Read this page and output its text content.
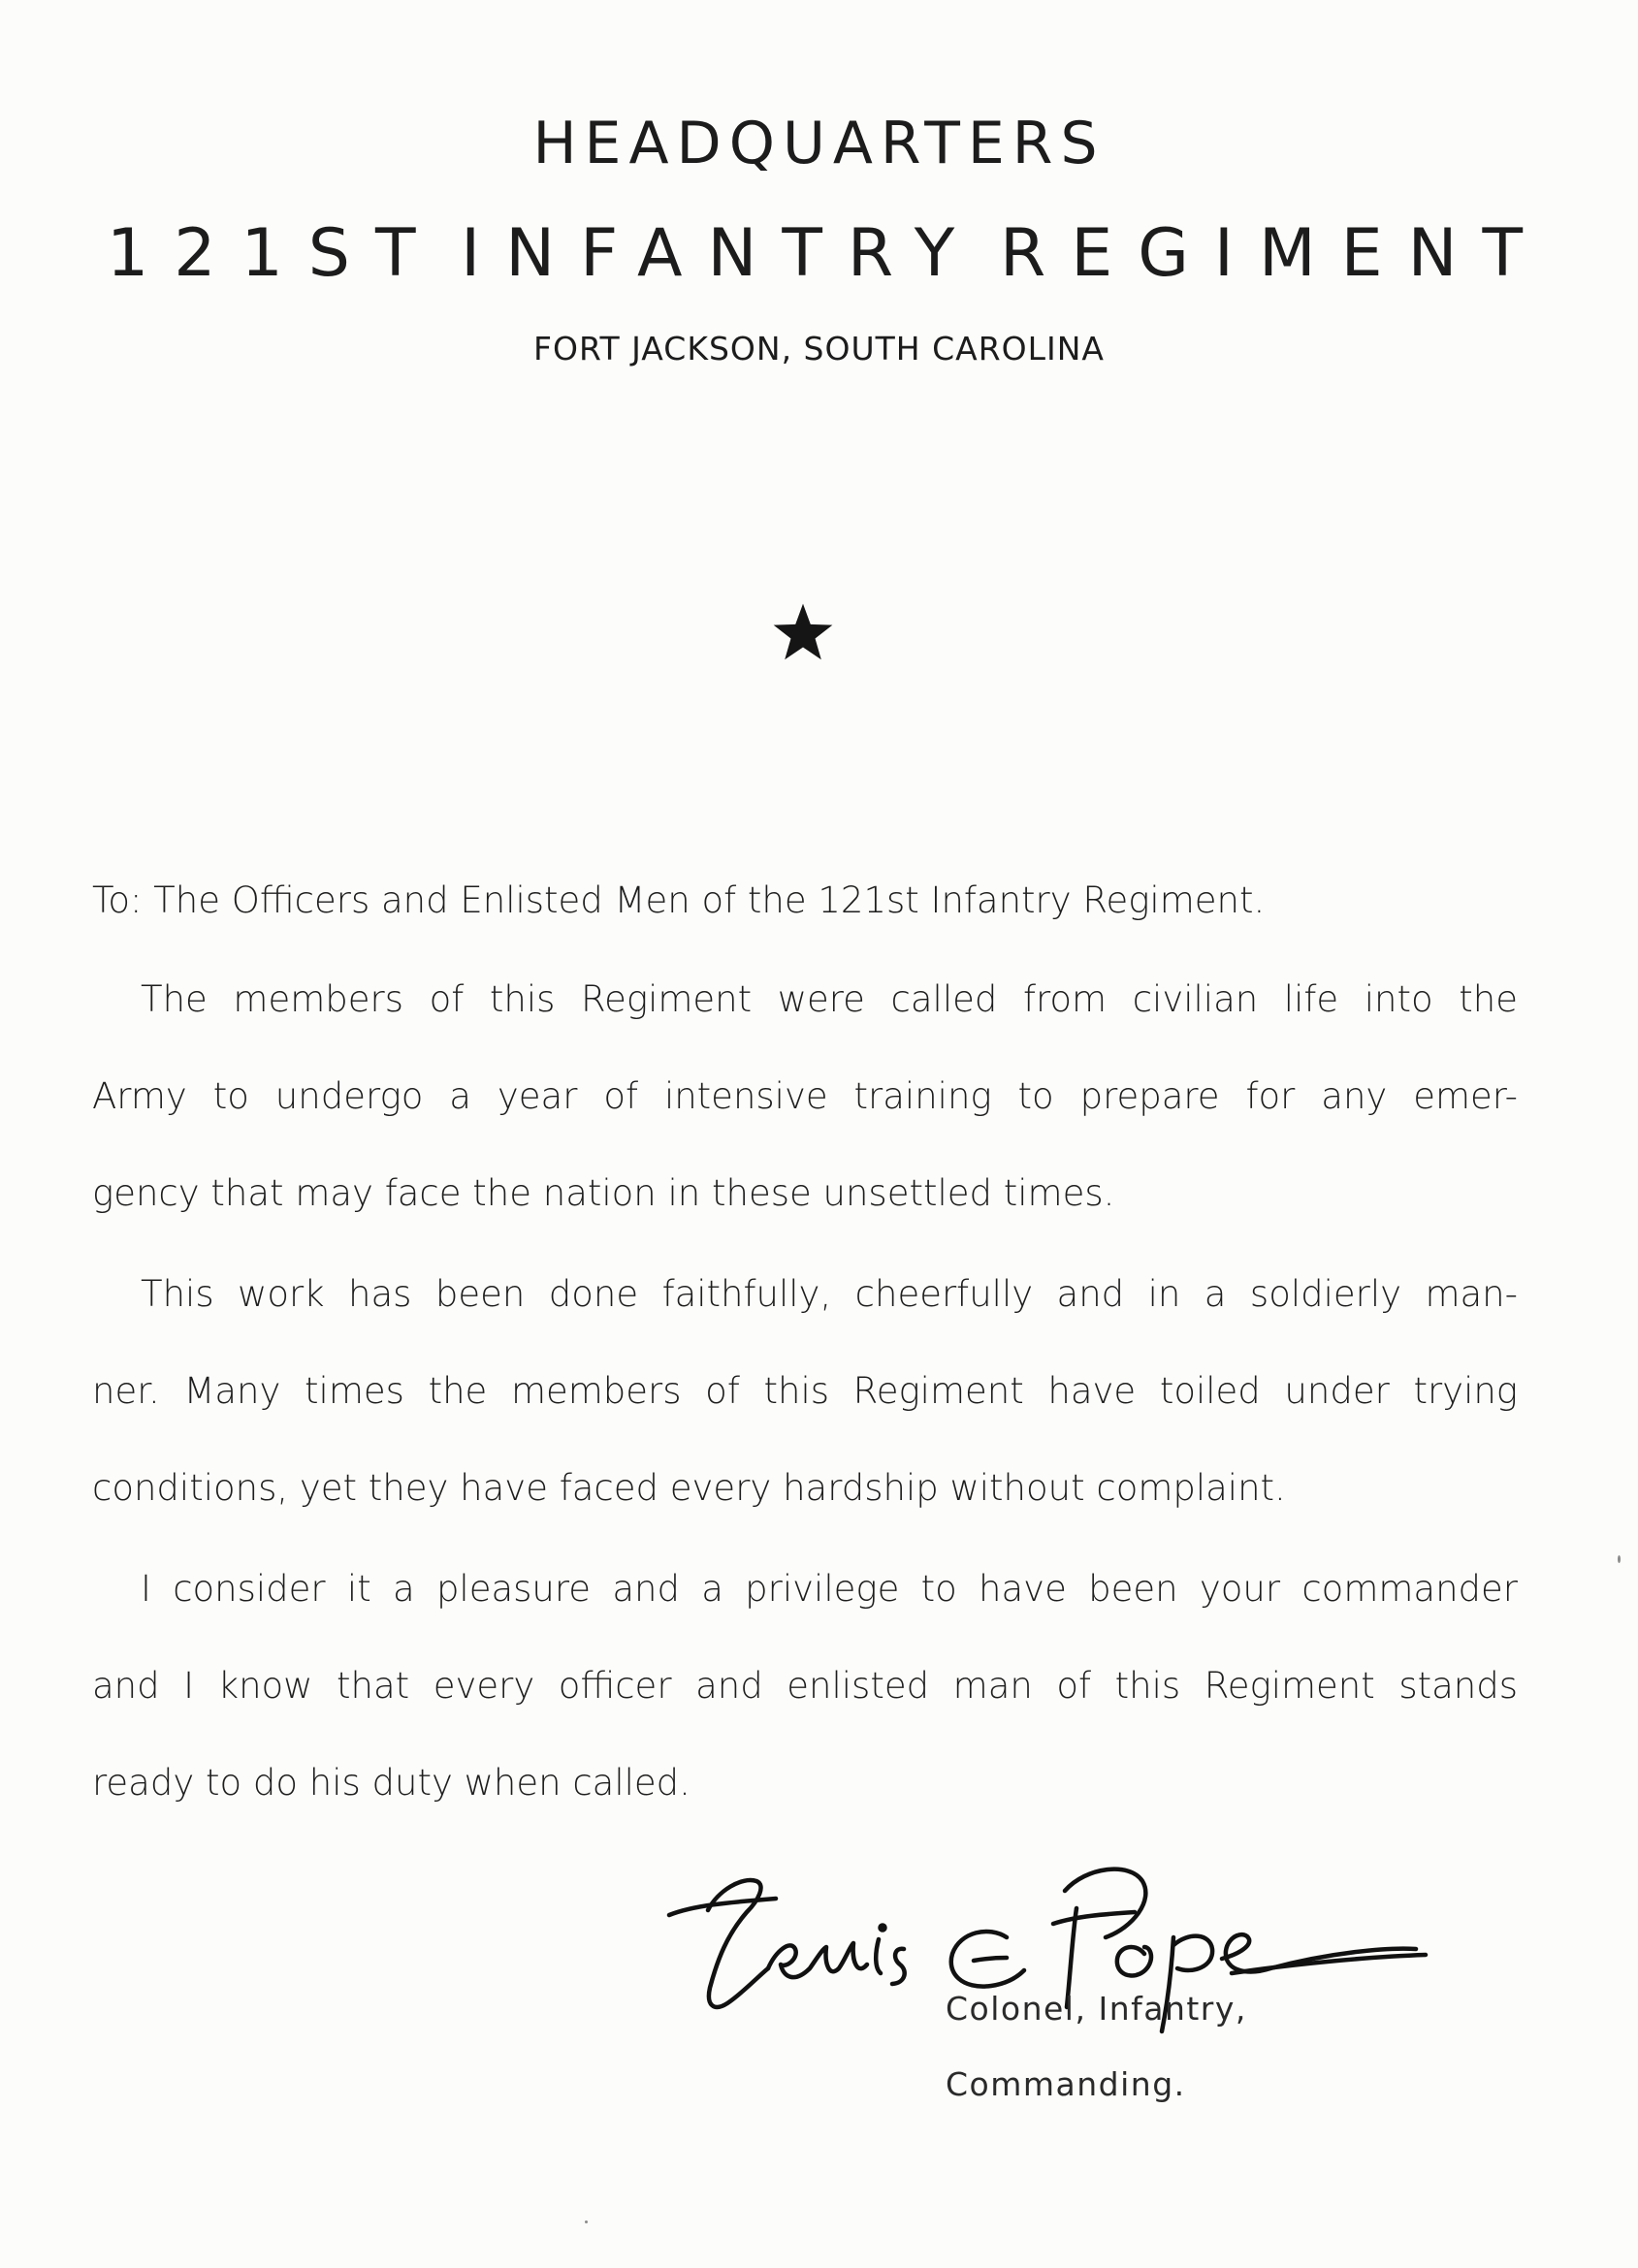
HEADQUARTERS
121ST INFANTRY REGIMENT
FORT JACKSON, SOUTH CAROLINA
To: The Officers and Enlisted Men of the 121st Infantry Regiment.
The members of this Regiment were called from civilian life into the
Army to undergo a year of intensive training to prepare for any emer-
gency that may face the nation in these unsettled times.
This work has been done faithfully, cheerfully and in a soldierly man-
ner. Many times the members of this Regiment have toiled under trying
conditions, yet they have faced every hardship without complaint.
I consider it a pleasure and a privilege to have been your commander
and I know that every officer and enlisted man of this Regiment stands
ready to do his duty when called.
Colonel, Infantry,
Commanding.
